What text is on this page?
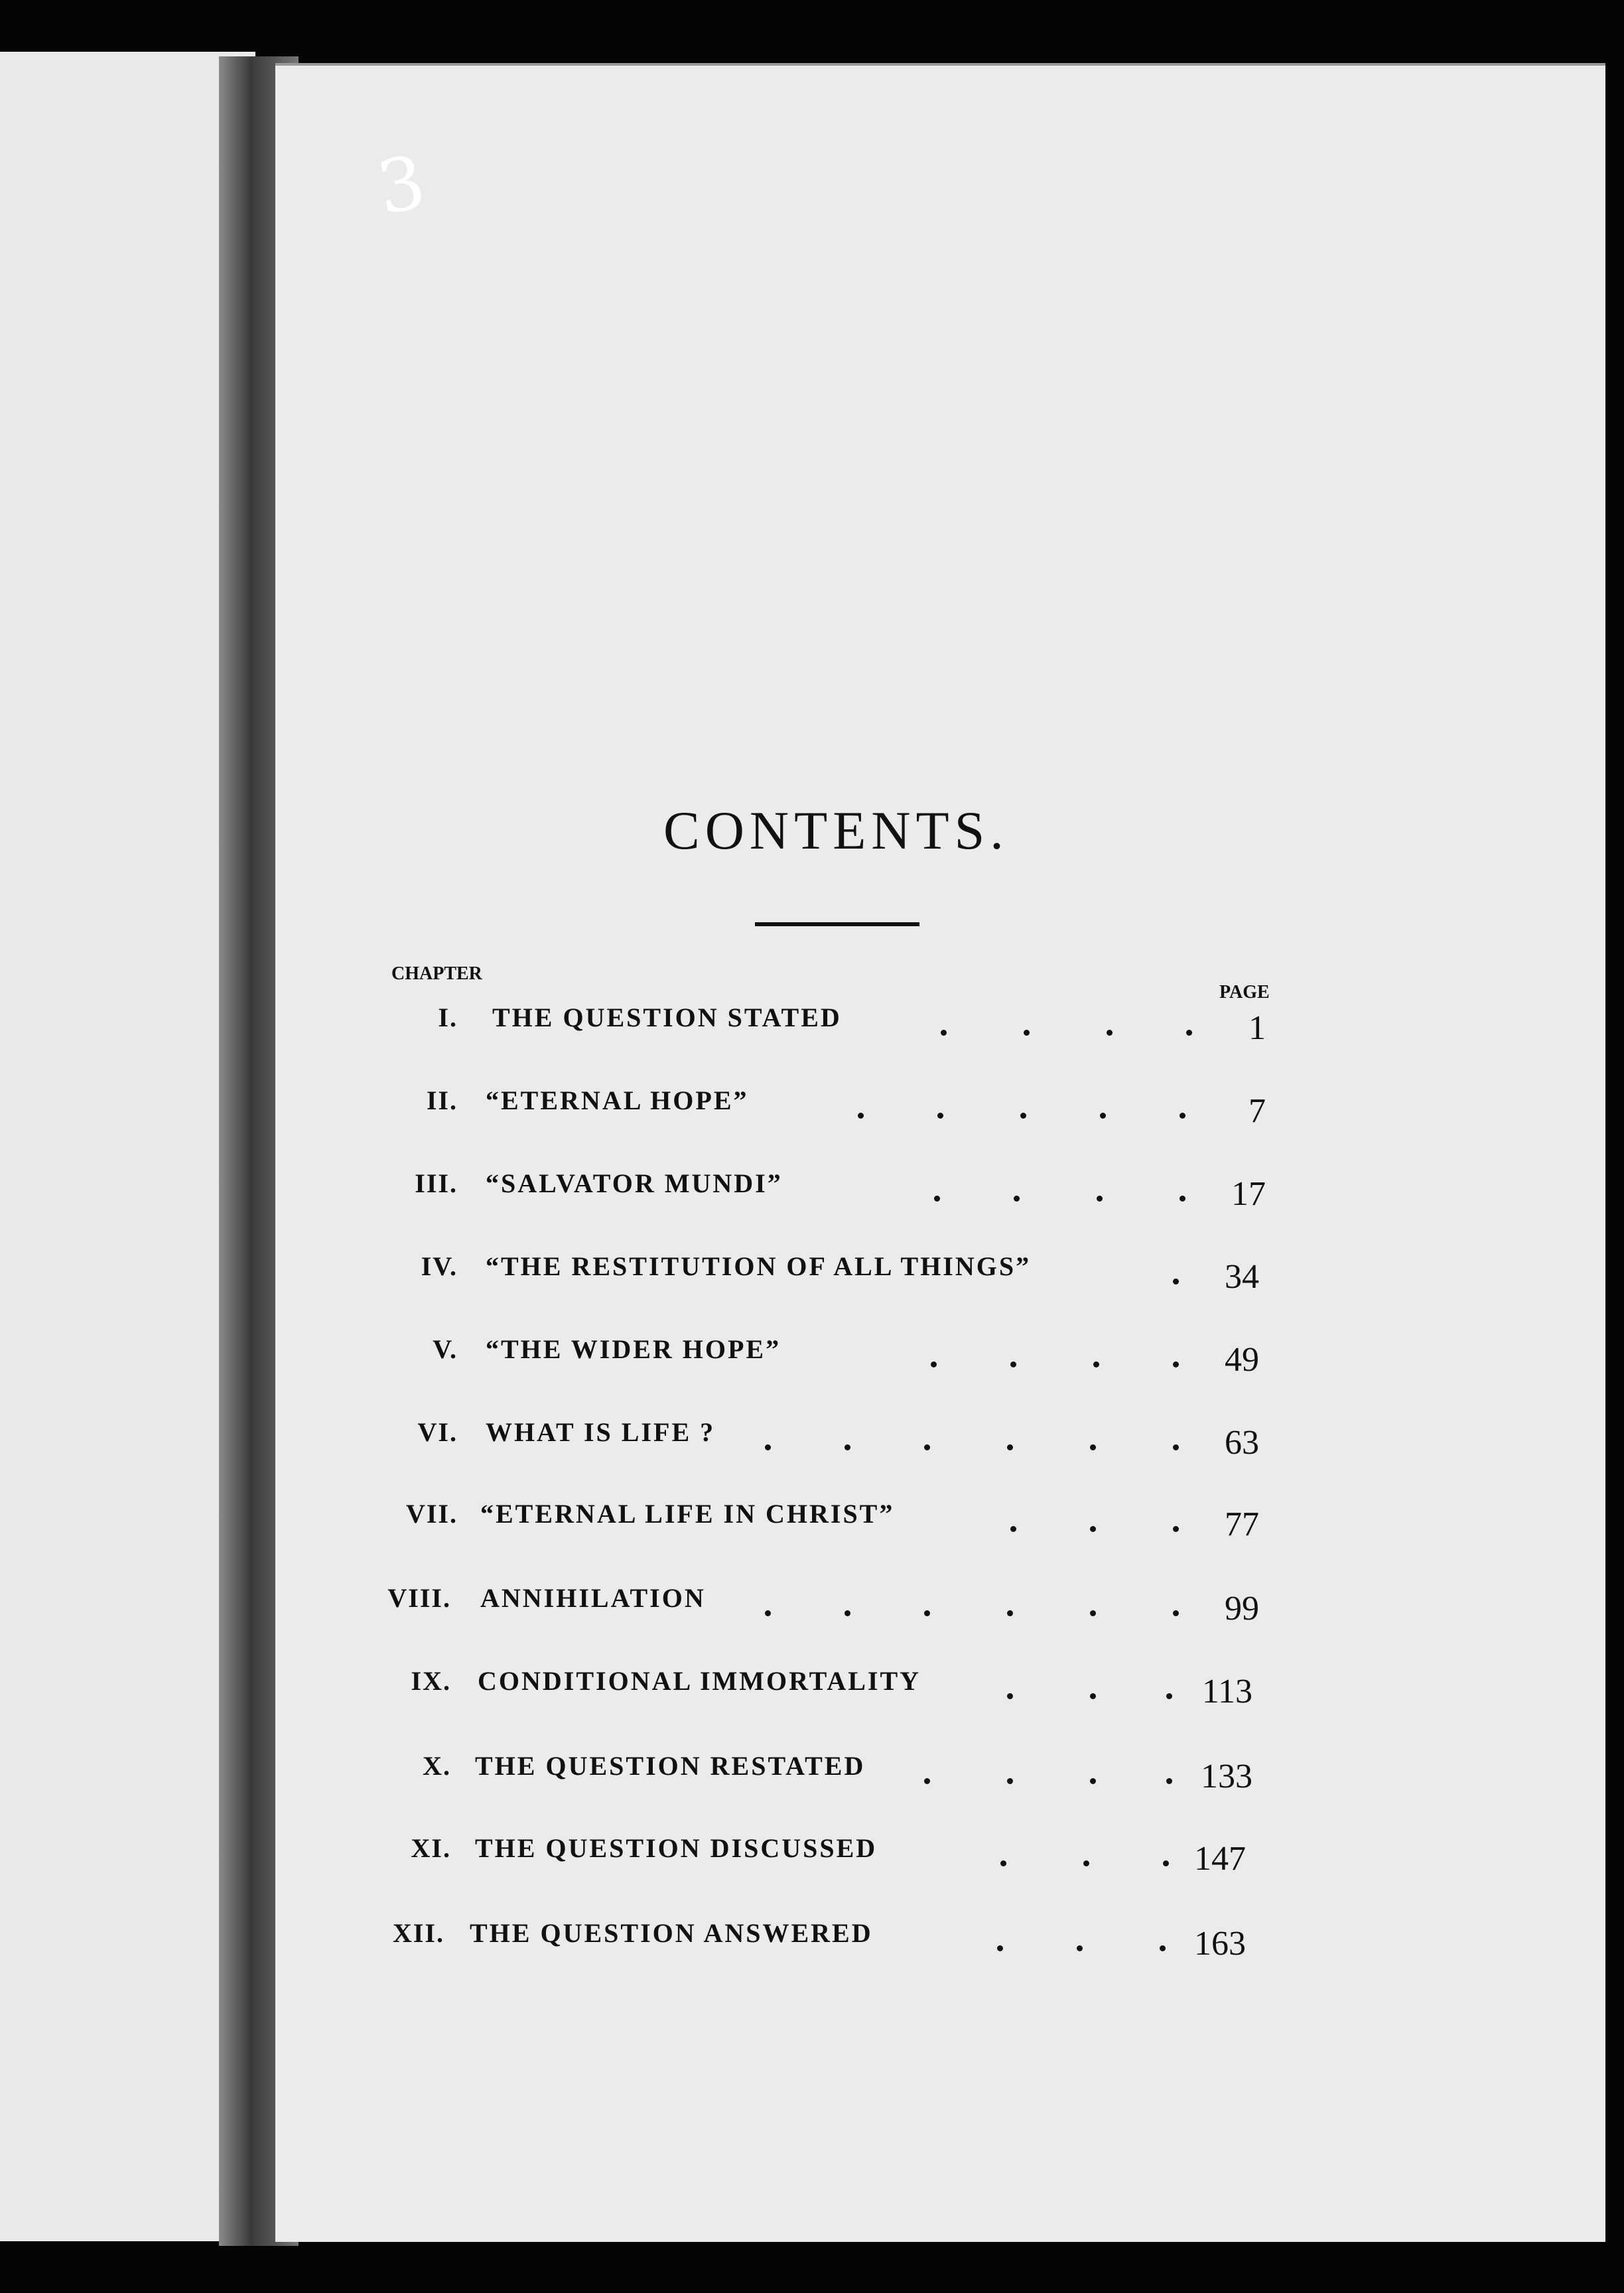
3
CONTENTS.
CHAPTER
PAGE
I. THE QUESTION STATED	1
II. “ETERNAL HOPE”	7
III. “SALVATOR MUNDI”	17
IV. “THE RESTITUTION OF ALL THINGS”	34
V. “THE WIDER HOPE”	49
VI. WHAT IS LIFE ?	63
VII. “ETERNAL LIFE IN CHRIST”	77
VIII. ANNIHILATION	99
IX. CONDITIONAL IMMORTALITY	113
X. THE QUESTION RESTATED	133
XI. THE QUESTION DISCUSSED	147
XII. THE QUESTION ANSWERED	163
